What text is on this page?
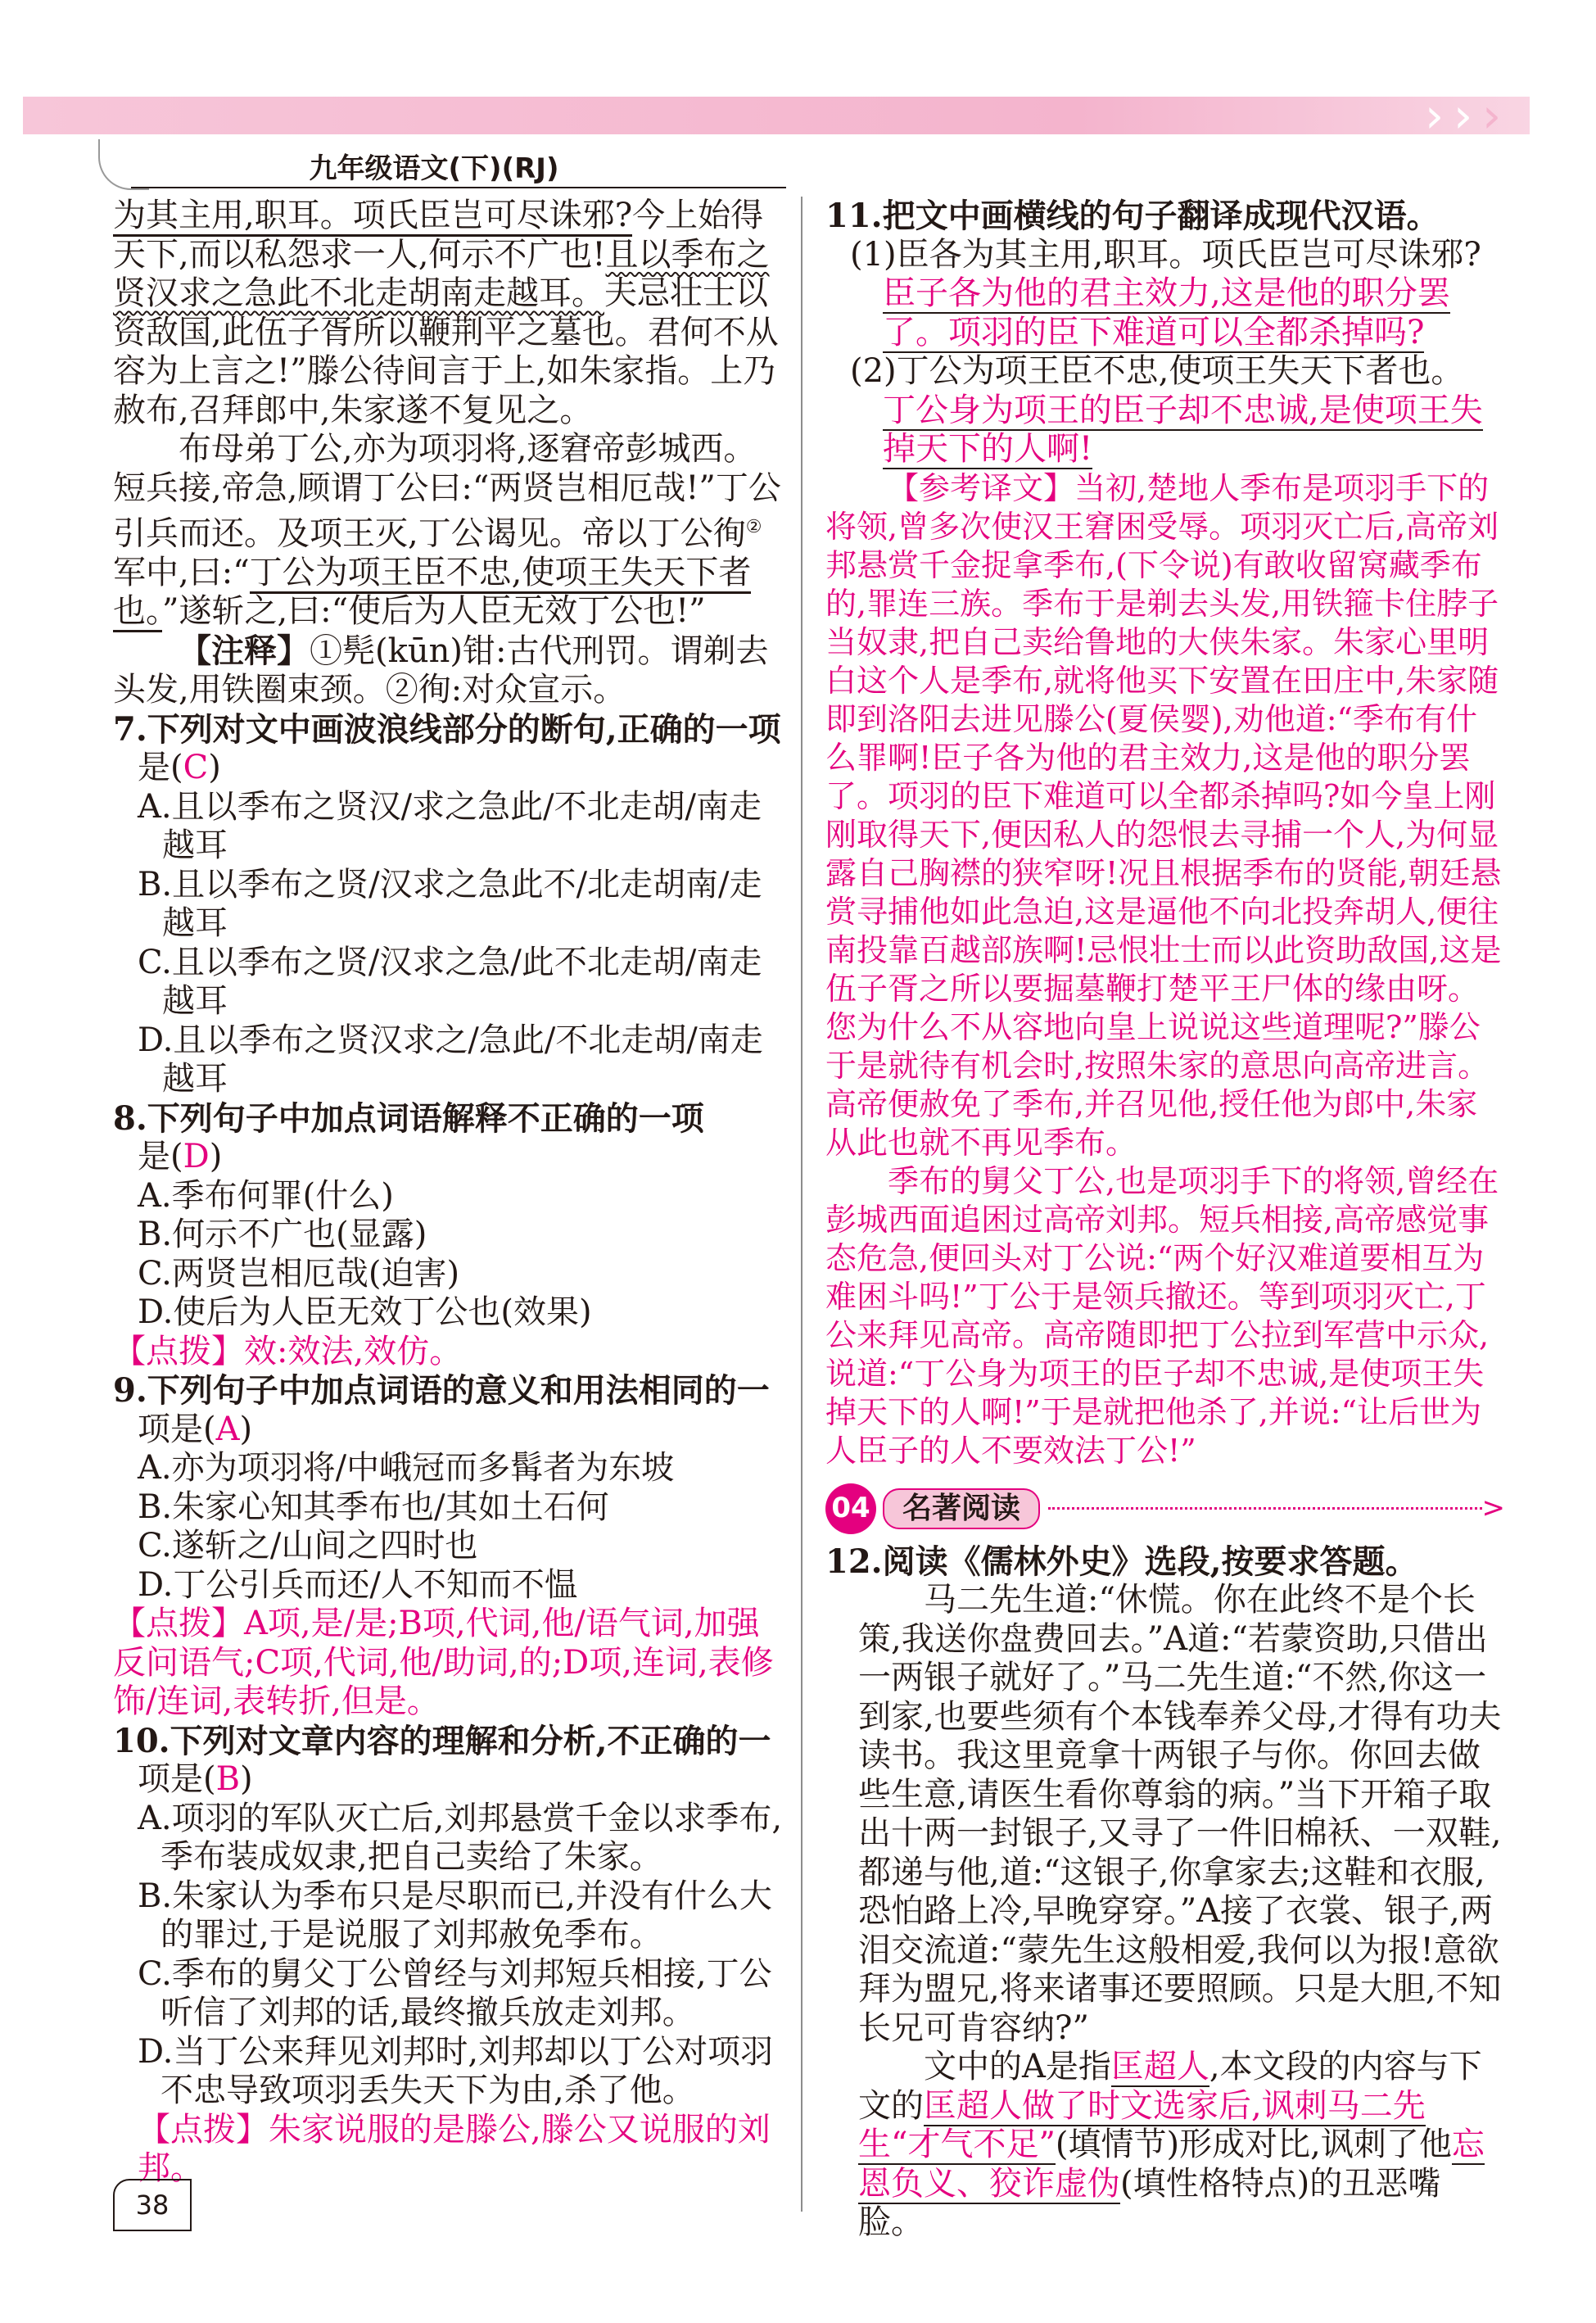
› › ›
九年级语文(下)(RJ)

为其主用,职耳。项氏臣岂可尽诛邪?今上始得天下,而以私怨求一人,何示不广也!且以季布之贤汉求之急此不北走胡南走越耳。夫忌壮士以资敌国,此伍子胥所以鞭荆平之墓也。君何不从容为上言之!”滕公待间言于上,如朱家指。上乃赦布,召拜郎中,朱家遂不复见之。

布母弟丁公,亦为项羽将,逐窘帝彭城西。短兵接,帝急,顾谓丁公曰:“两贤岂相厄哉!”丁公引兵而还。及项王灭,丁公谒见。帝以丁公徇②军中,曰:“丁公为项王臣不忠,使项王失天下者也。”遂斩之,曰:“使后为人臣无效丁公也!”

【注释】①髡(kūn)钳:古代刑罚。谓剃去头发,用铁圈束颈。②徇:对众宣示。

7.下列对文中画波浪线部分的断句,正确的一项

是(C)

A.且以季布之贤汉/求之急此/不北走胡/南走
越耳

B.且以季布之贤/汉求之急此不/北走胡南/走
越耳

C.且以季布之贤/汉求之急/此不北走胡/南走
越耳

D.且以季布之贤汉求之/急此/不北走胡/南走
越耳

8.下列句子中加点词语解释不正确的一项

是(D)

A.季布何罪(什么)

B.何示不广也(显露)

C.两贤岂相厄哉(迫害)

D.使后为人臣无效丁公也(效果)

【点拨】效:效法,效仿。

9.下列句子中加点词语的意义和用法相同的一

项是(A)

A.亦为项羽将/中峨冠而多髯者为东坡

B.朱家心知其季布也/其如土石何

C.遂斩之/山间之四时也

D.丁公引兵而还/人不知而不愠

【点拨】A项,是/是;B项,代词,他/语气词,加强反问语气;C项,代词,他/助词,的;D项,连词,表修饰/连词,表转折,但是。

10.下列对文章内容的理解和分析,不正确的一

项是(B)

A.项羽的军队灭亡后,刘邦悬赏千金以求季布,季布装成奴隶,把自己卖给了朱家。

B.朱家认为季布只是尽职而已,并没有什么大的罪过,于是说服了刘邦赦免季布。

C.季布的舅父丁公曾经与刘邦短兵相接,丁公听信了刘邦的话,最终撤兵放走刘邦。

D.当丁公来拜见刘邦时,刘邦却以丁公对项羽不忠导致项羽丢失天下为由,杀了他。

【点拨】朱家说服的是滕公,滕公又说服的刘邦。

11.把文中画横线的句子翻译成现代汉语。

(1)臣各为其主用,职耳。项氏臣岂可尽诛邪?

臣子各为他的君主效力,这是他的职分罢了。项羽的臣下难道可以全都杀掉吗?

(2)丁公为项王臣不忠,使项王失天下者也。

丁公身为项王的臣子却不忠诚,是使项王失掉天下的人啊!

【参考译文】当初,楚地人季布是项羽手下的将领,曾多次使汉王窘困受辱。项羽灭亡后,高帝刘邦悬赏千金捉拿季布,(下令说)有敢收留窝藏季布的,罪连三族。季布于是剃去头发,用铁箍卡住脖子当奴隶,把自己卖给鲁地的大侠朱家。朱家心里明白这个人是季布,就将他买下安置在田庄中,朱家随即到洛阳去进见滕公(夏侯婴),劝他道:“季布有什么罪啊!臣子各为他的君主效力,这是他的职分罢了。项羽的臣下难道可以全都杀掉吗?如今皇上刚刚取得天下,便因私人的怨恨去寻捕一个人,为何显露自己胸襟的狭窄呀!况且根据季布的贤能,朝廷悬赏寻捕他如此急迫,这是逼他不向北投奔胡人,便往南投靠百越部族啊!忌恨壮士而以此资助敌国,这是伍子胥之所以要掘墓鞭打楚平王尸体的缘由呀。您为什么不从容地向皇上说说这些道理呢?”滕公于是就待有机会时,按照朱家的意思向高帝进言。高帝便赦免了季布,并召见他,授任他为郎中,朱家从此也就不再见季布。

季布的舅父丁公,也是项羽手下的将领,曾经在彭城西面追困过高帝刘邦。短兵相接,高帝感觉事态危急,便回头对丁公说:“两个好汉难道要相互为难困斗吗!”丁公于是领兵撤还。等到项羽灭亡,丁公来拜见高帝。高帝随即把丁公拉到军营中示众,说道:“丁公身为项王的臣子却不忠诚,是使项王失掉天下的人啊!”于是就把他杀了,并说:“让后世为人臣子的人不要效法丁公!”

04	名著阅读	>

12.阅读《儒林外史》选段,按要求答题。

马二先生道:“休慌。你在此终不是个长策,我送你盘费回去。”A道:“若蒙资助,只借出一两银子就好了。”马二先生道:“不然,你这一到家,也要些须有个本钱奉养父母,才得有功夫读书。我这里竟拿十两银子与你。你回去做些生意,请医生看你尊翁的病。”当下开箱子取出十两一封银子,又寻了一件旧棉袄、一双鞋,都递与他,道:“这银子,你拿家去;这鞋和衣服,恐怕路上冷,早晚穿穿。”A接了衣裳、银子,两泪交流道:“蒙先生这般相爱,我何以为报!意欲拜为盟兄,将来诸事还要照顾。只是大胆,不知长兄可肯容纳?”

文中的A是指匡超人,本文段的内容与下文的匡超人做了时文选家后,讽刺马二先生“才气不足”(填情节)形成对比,讽刺了他忘恩负义、狡诈虚伪(填性格特点)的丑恶嘴脸。

38
